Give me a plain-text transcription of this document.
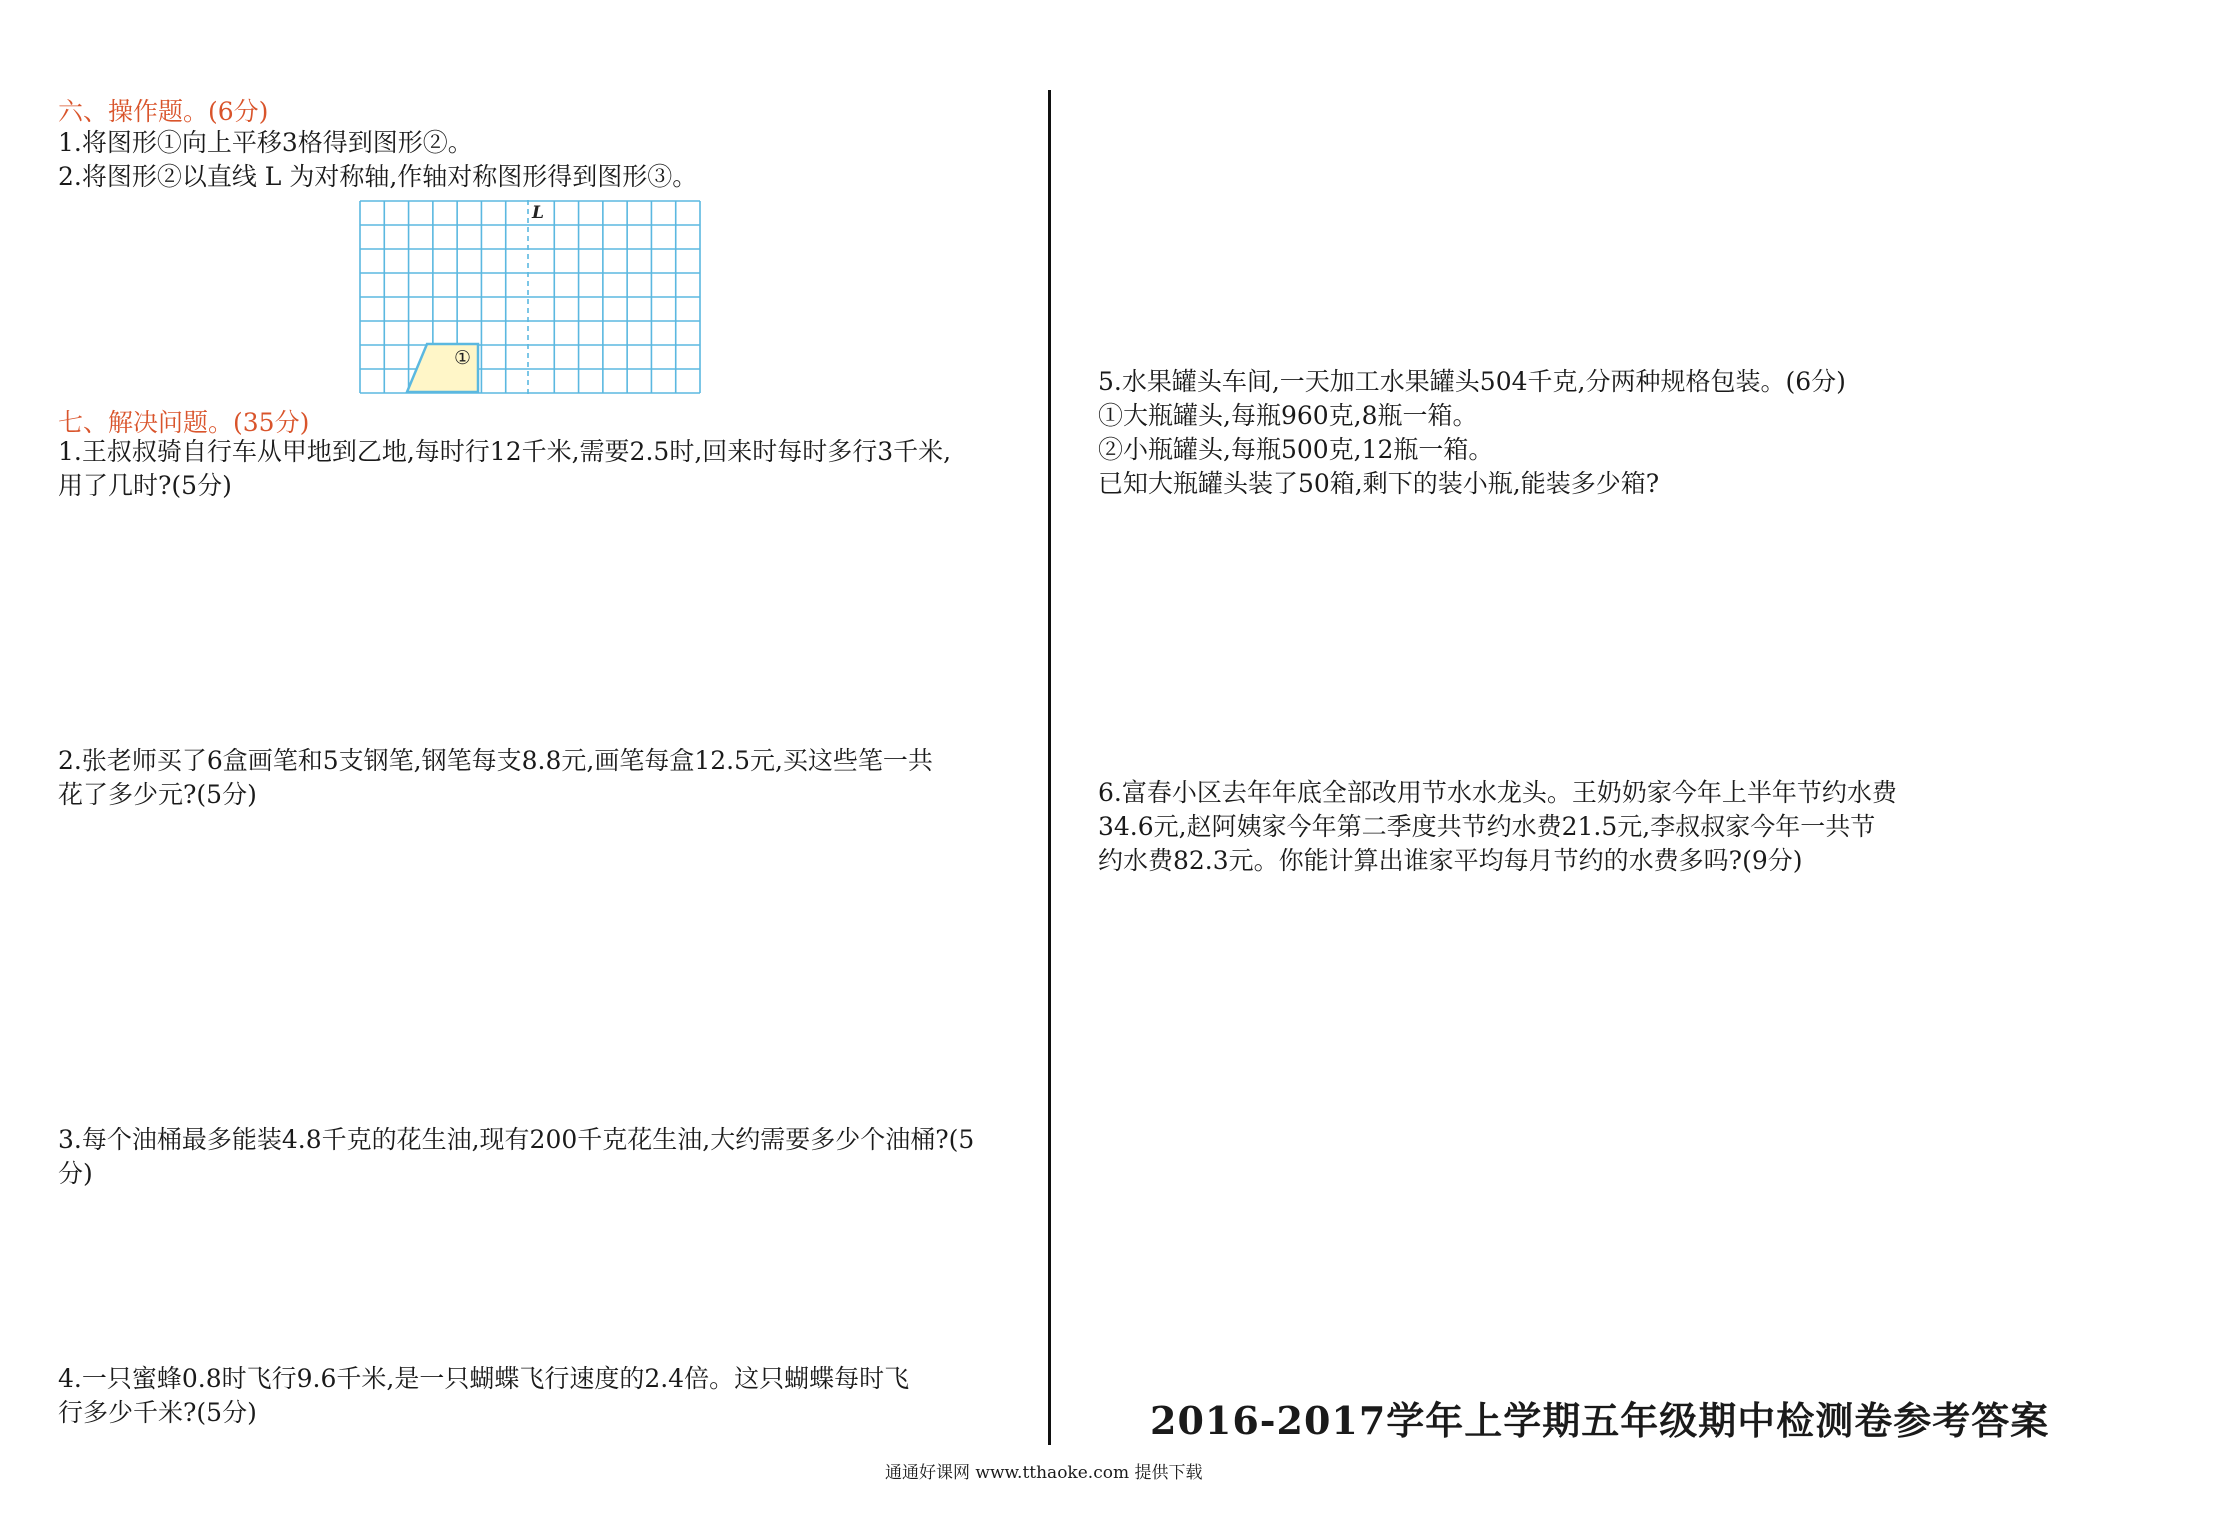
六、操作题。(6分)
1.将图形①向上平移3格得到图形②。
2.将图形②以直线 L 为对称轴,作轴对称图形得到图形③。
L
①
七、解决问题。(35分)
1.王叔叔骑自行车从甲地到乙地,每时行12千米,需要2.5时,回来时每时多行3千米,
用了几时?(5分)
2.张老师买了6盒画笔和5支钢笔,钢笔每支8.8元,画笔每盒12.5元,买这些笔一共
花了多少元?(5分)
3.每个油桶最多能装4.8千克的花生油,现有200千克花生油,大约需要多少个油桶?(5
分)
4.一只蜜蜂0.8时飞行9.6千米,是一只蝴蝶飞行速度的2.4倍。这只蝴蝶每时飞
行多少千米?(5分)
5.水果罐头车间,一天加工水果罐头504千克,分两种规格包装。(6分)
①大瓶罐头,每瓶960克,8瓶一箱。
②小瓶罐头,每瓶500克,12瓶一箱。
已知大瓶罐头装了50箱,剩下的装小瓶,能装多少箱?
6.富春小区去年年底全部改用节水水龙头。王奶奶家今年上半年节约水费
34.6元,赵阿姨家今年第二季度共节约水费21.5元,李叔叔家今年一共节
约水费82.3元。你能计算出谁家平均每月节约的水费多吗?(9分)
2016-2017学年上学期五年级期中检测卷参考答案
通通好课网 www.tthaoke.com 提供下载
